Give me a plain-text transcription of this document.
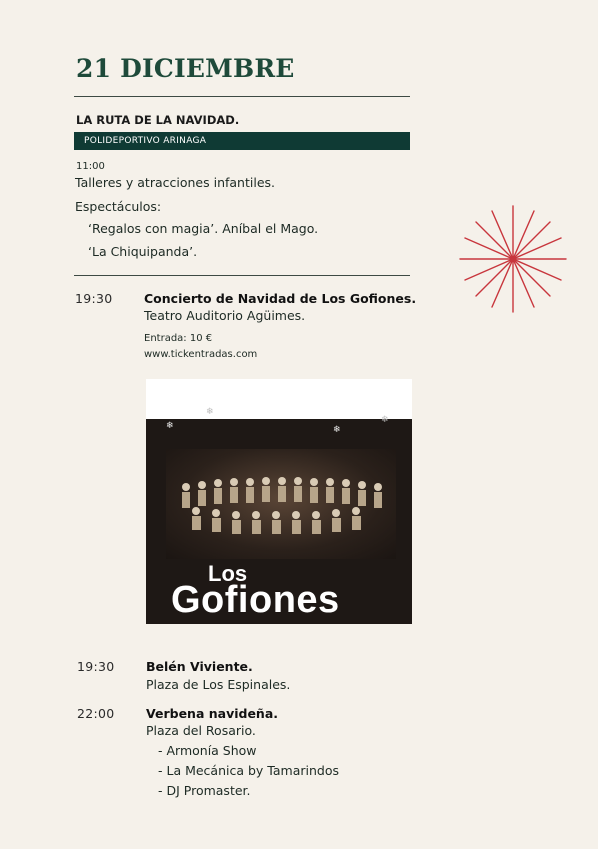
21 DICIEMBRE
LA RUTA DE LA NAVIDAD.
POLIDEPORTIVO ARINAGA
11:00
Talleres y atracciones infantiles.
Espectáculos:
‘Regalos con magia’. Aníbal el Mago.
‘La Chiquipanda’.
19:30	Concierto de Navidad de Los Gofiones.
Teatro Auditorio Agüimes.
Entrada: 10 €
www.tickentradas.com
❄
❄
❄
❄
Los
Gofiones
19:30	Belén Viviente.
Plaza de Los Espinales.
22:00	Verbena navideña.
Plaza del Rosario.
- Armonía Show
- La Mecánica by Tamarindos
- DJ Promaster.
